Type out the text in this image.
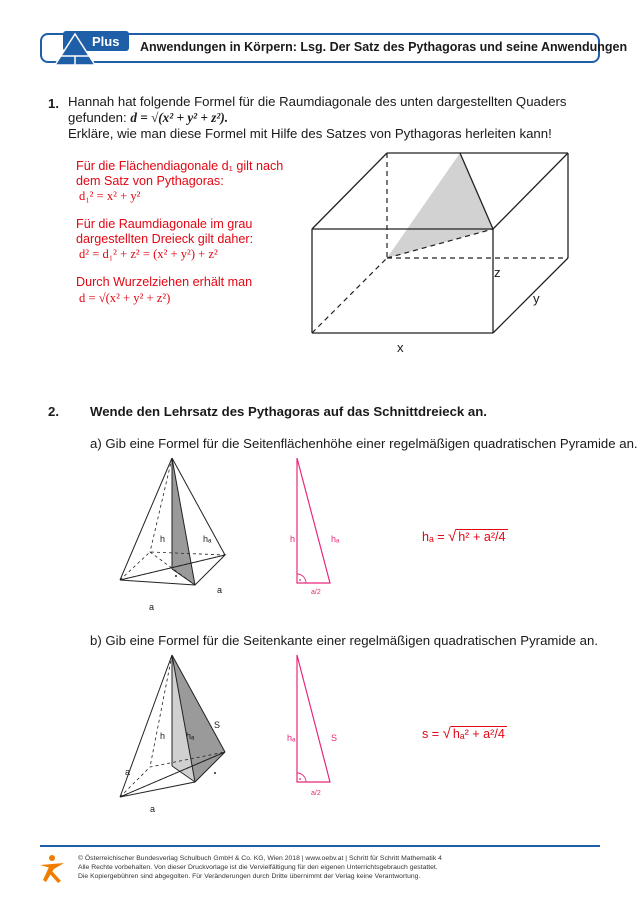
Plus Anwendungen in Körpern: Lsg. Der Satz des Pythagoras und seine Anwendungen
1. Hannah hat folgende Formel für die Raumdiagonale des unten dargestellten Quaders
gefunden: d = √(x² + y² + z²).
Erkläre, wie man diese Formel mit Hilfe des Satzes von Pythagoras herleiten kann!
Für die Flächendiagonale d₁ gilt nach
dem Satz von Pythagoras:
d₁² = x² + y²
Für die Raumdiagonale im grau
dargestellten Dreieck gilt daher:
d² = d₁² + z² = (x² + y²) + z²
Durch Wurzelziehen erhält man
d = √(x² + y² + z²)
z
y
x
2. Wende den Lehrsatz des Pythagoras auf das Schnittdreieck an.
a) Gib eine Formel für die Seitenflächenhöhe einer regelmäßigen quadratischen Pyramide an.
h	hₐ
a
a
h	hₐ
a/2
hₐ = √ h² + a²/4
b) Gib eine Formel für die Seitenkante einer regelmäßigen quadratischen Pyramide an.
h hₐ
S
a
a
hₐ	S
a/2
s = √ hₐ² + a²/4
© Österreichischer Bundesverlag Schulbuch GmbH & Co. KG, Wien 2018 | www.oebv.at | Schritt für Schritt Mathematik 4
Alle Rechte vorbehalten. Von dieser Druckvorlage ist die Vervielfältigung für den eigenen Unterrichtsgebrauch gestattet.
Die Kopiergebühren sind abgegolten. Für Veränderungen durch Dritte übernimmt der Verlag keine Verantwortung.
